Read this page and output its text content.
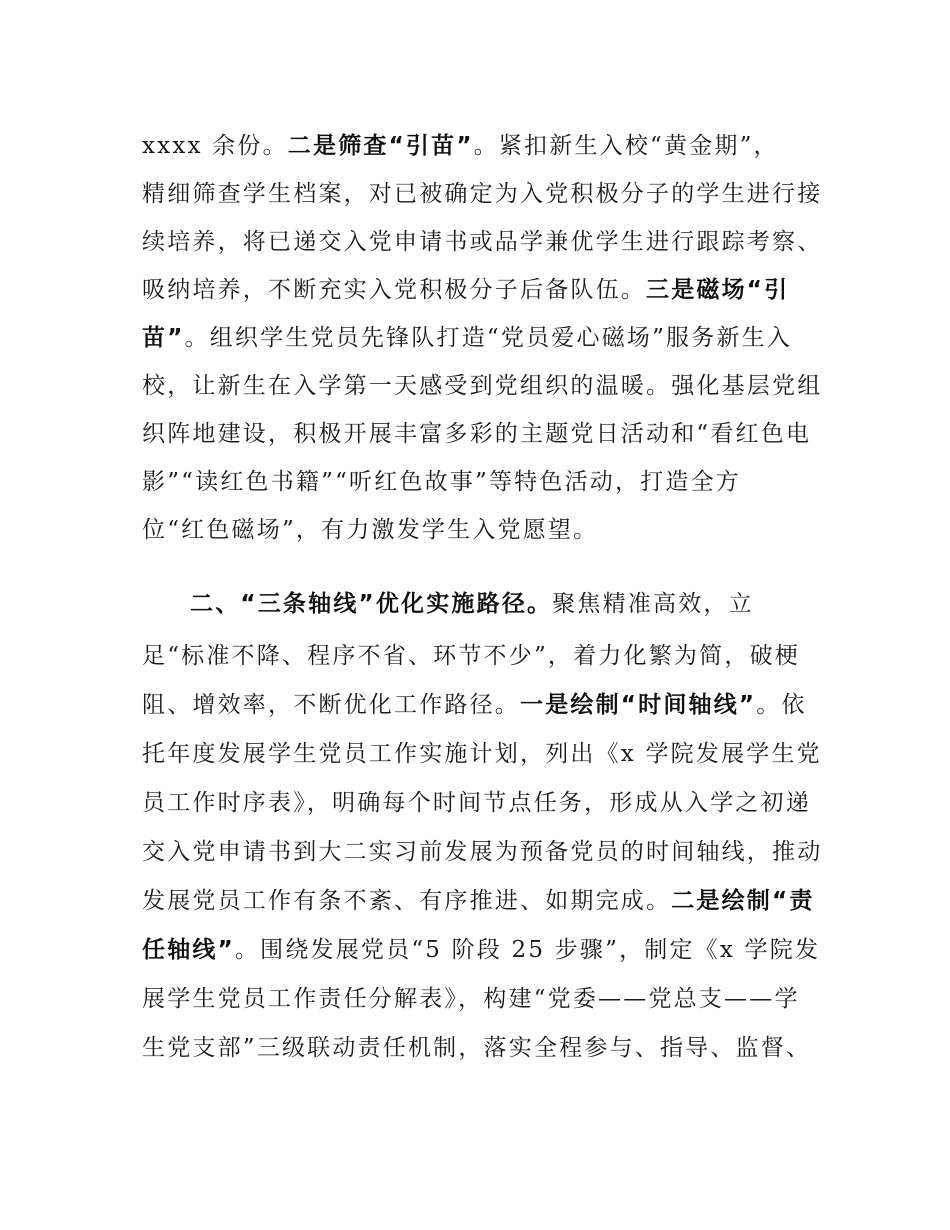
xxxx 余份。二是筛查“引苗”。紧扣新生入校“黄金期”，
精细筛查学生档案，对已被确定为入党积极分子的学生进行接
续培养，将已递交入党申请书或品学兼优学生进行跟踪考察、
吸纳培养，不断充实入党积极分子后备队伍。三是磁场“引
苗”。组织学生党员先锋队打造“党员爱心磁场”服务新生入
校，让新生在入学第一天感受到党组织的温暖。强化基层党组
织阵地建设，积极开展丰富多彩的主题党日活动和“看红色电
影”“读红色书籍”“听红色故事”等特色活动，打造全方
位“红色磁场”，有力激发学生入党愿望。
二、“三条轴线”优化实施路径。聚焦精准高效，立
足“标准不降、程序不省、环节不少”，着力化繁为简，破梗
阻、增效率，不断优化工作路径。一是绘制“时间轴线”。依
托年度发展学生党员工作实施计划，列出《x 学院发展学生党
员工作时序表》，明确每个时间节点任务，形成从入学之初递
交入党申请书到大二实习前发展为预备党员的时间轴线，推动
发展党员工作有条不紊、有序推进、如期完成。二是绘制“责
任轴线”。围绕发展党员“5 阶段 25 步骤”，制定《x 学院发
展学生党员工作责任分解表》，构建“党委——党总支——学
生党支部”三级联动责任机制，落实全程参与、指导、监督、
